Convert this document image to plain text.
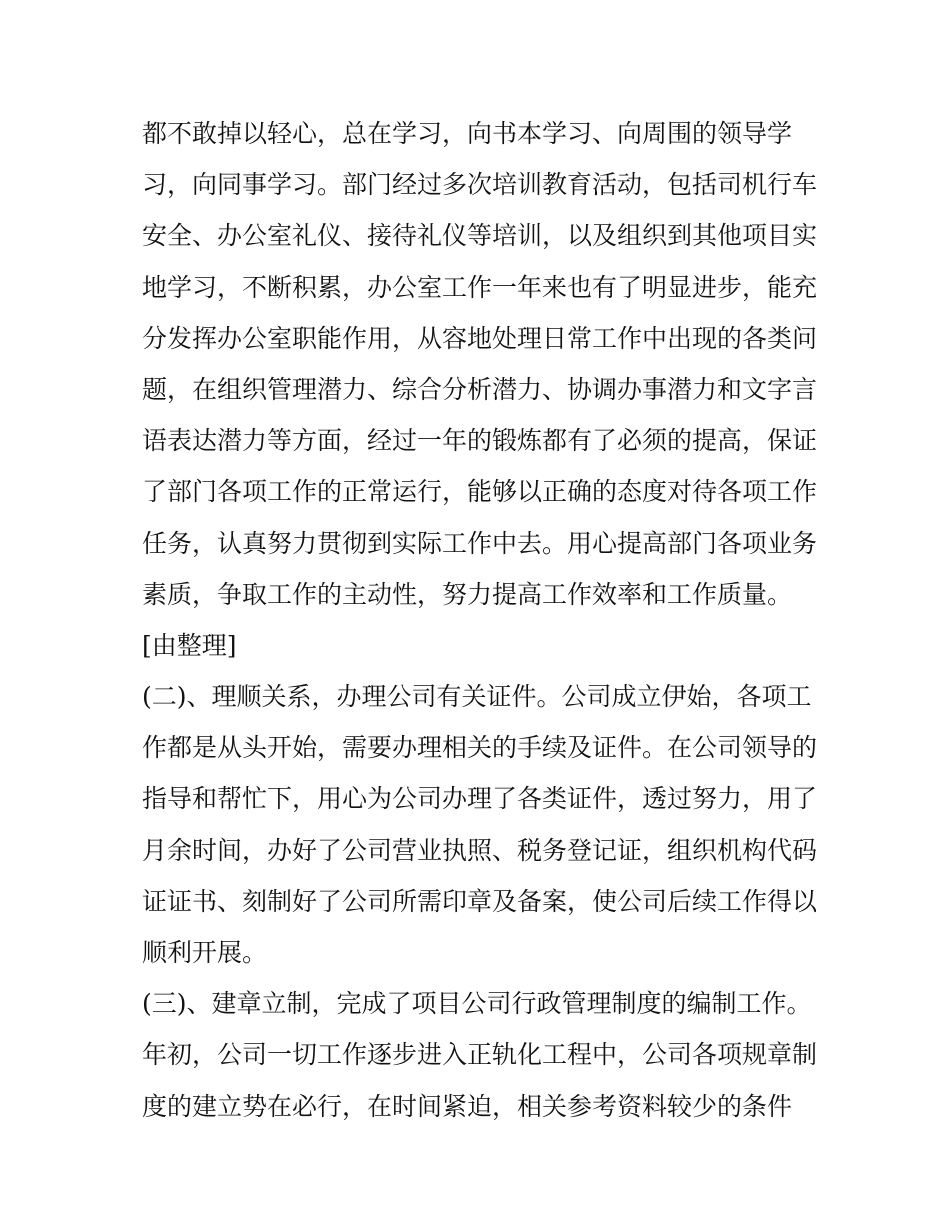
都不敢掉以轻心，总在学习，向书本学习、向周围的领导学
习，向同事学习。部门经过多次培训教育活动，包括司机行车
安全、办公室礼仪、接待礼仪等培训，以及组织到其他项目实
地学习，不断积累，办公室工作一年来也有了明显进步，能充
分发挥办公室职能作用，从容地处理日常工作中出现的各类问
题，在组织管理潜力、综合分析潜力、协调办事潜力和文字言
语表达潜力等方面，经过一年的锻炼都有了必须的提高，保证
了部门各项工作的正常运行，能够以正确的态度对待各项工作
任务，认真努力贯彻到实际工作中去。用心提高部门各项业务
素质，争取工作的主动性，努力提高工作效率和工作质量。
[由整理]
(二)、理顺关系，办理公司有关证件。公司成立伊始，各项工
作都是从头开始，需要办理相关的手续及证件。在公司领导的
指导和帮忙下，用心为公司办理了各类证件，透过努力，用了
月余时间，办好了公司营业执照、税务登记证，组织机构代码
证证书、刻制好了公司所需印章及备案，使公司后续工作得以
顺利开展。
(三)、建章立制，完成了项目公司行政管理制度的编制工作。
年初，公司一切工作逐步进入正轨化工程中，公司各项规章制
度的建立势在必行，在时间紧迫，相关参考资料较少的条件
